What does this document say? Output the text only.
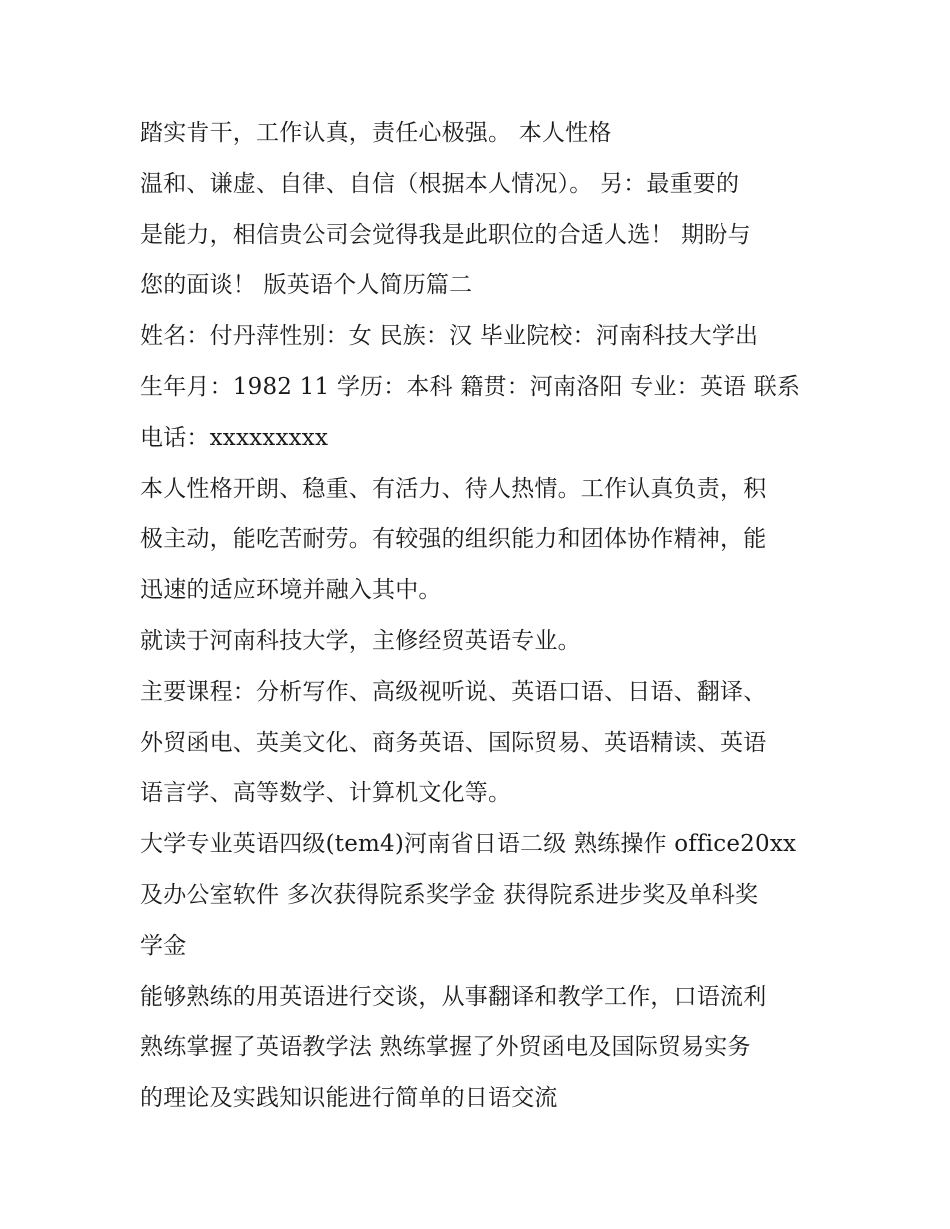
踏实肯干，工作认真，责任心极强。 本人性格
温和、谦虚、自律、自信（根据本人情况）。 另：最重要的
是能力，相信贵公司会觉得我是此职位的合适人选！ 期盼与
您的面谈！ 版英语个人简历篇二
姓名：付丹萍性别：女 民族：汉 毕业院校：河南科技大学出
生年月：1982 11 学历：本科 籍贯：河南洛阳 专业：英语 联系
电话：xxxxxxxxx
本人性格开朗、稳重、有活力、待人热情。工作认真负责，积
极主动，能吃苦耐劳。有较强的组织能力和团体协作精神，能
迅速的适应环境并融入其中。
就读于河南科技大学，主修经贸英语专业。
主要课程：分析写作、高级视听说、英语口语、日语、翻译、
外贸函电、英美文化、商务英语、国际贸易、英语精读、英语
语言学、高等数学、计算机文化等。
大学专业英语四级(tem4)河南省日语二级 熟练操作 office20xx
及办公室软件 多次获得院系奖学金 获得院系进步奖及单科奖
学金
能够熟练的用英语进行交谈，从事翻译和教学工作，口语流利
熟练掌握了英语教学法 熟练掌握了外贸函电及国际贸易实务
的理论及实践知识能进行简单的日语交流
